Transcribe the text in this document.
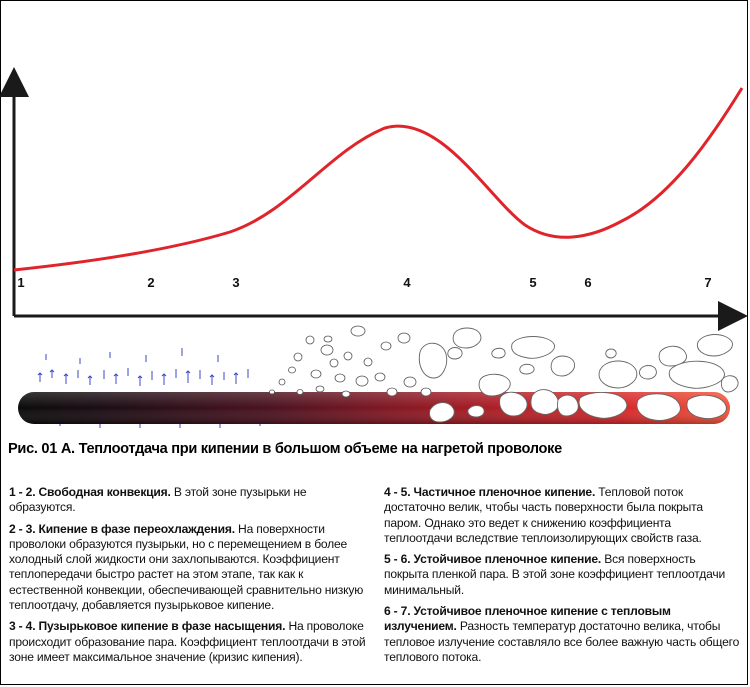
1	2	3	4	5	6	7
Рис. 01 А. Теплоотдача при кипении в большом объеме на нагретой проволоке

1 - 2. Свободная конвекция. В этой зоне пузырьки не образуются.

2 - 3. Кипение в фазе переохлаждения. На поверхности проволоки образуются пузырьки, но с перемещением в более холодный слой жидкости они захлопываются. Коэффициент теплопередачи быстро растет на этом этапе, так как к естественной конвекции, обеспечивающей сравнительно низкую теплоотдачу, добавляется пузырьковое кипение.

3 - 4. Пузырьковое кипение в фазе насыщения. На проволоке происходит образование пара. Коэффициент теплоотдачи в этой зоне имеет максимальное значение (кризис кипения).

4 - 5. Частичное пленочное кипение. Тепловой поток достаточно велик, чтобы часть поверхности была покрыта паром. Однако это ведет к снижению коэффициента теплоотдачи вследствие теплоизолирующих свойств газа.

5 - 6. Устойчивое пленочное кипение. Вся поверхность покрыта пленкой пара. В этой зоне коэффициент теплоотдачи минимальный.

6 - 7. Устойчивое пленочное кипение с тепловым излучением. Разность температур достаточно велика, чтобы тепловое излучение составляло все более важную часть общего теплового потока.
